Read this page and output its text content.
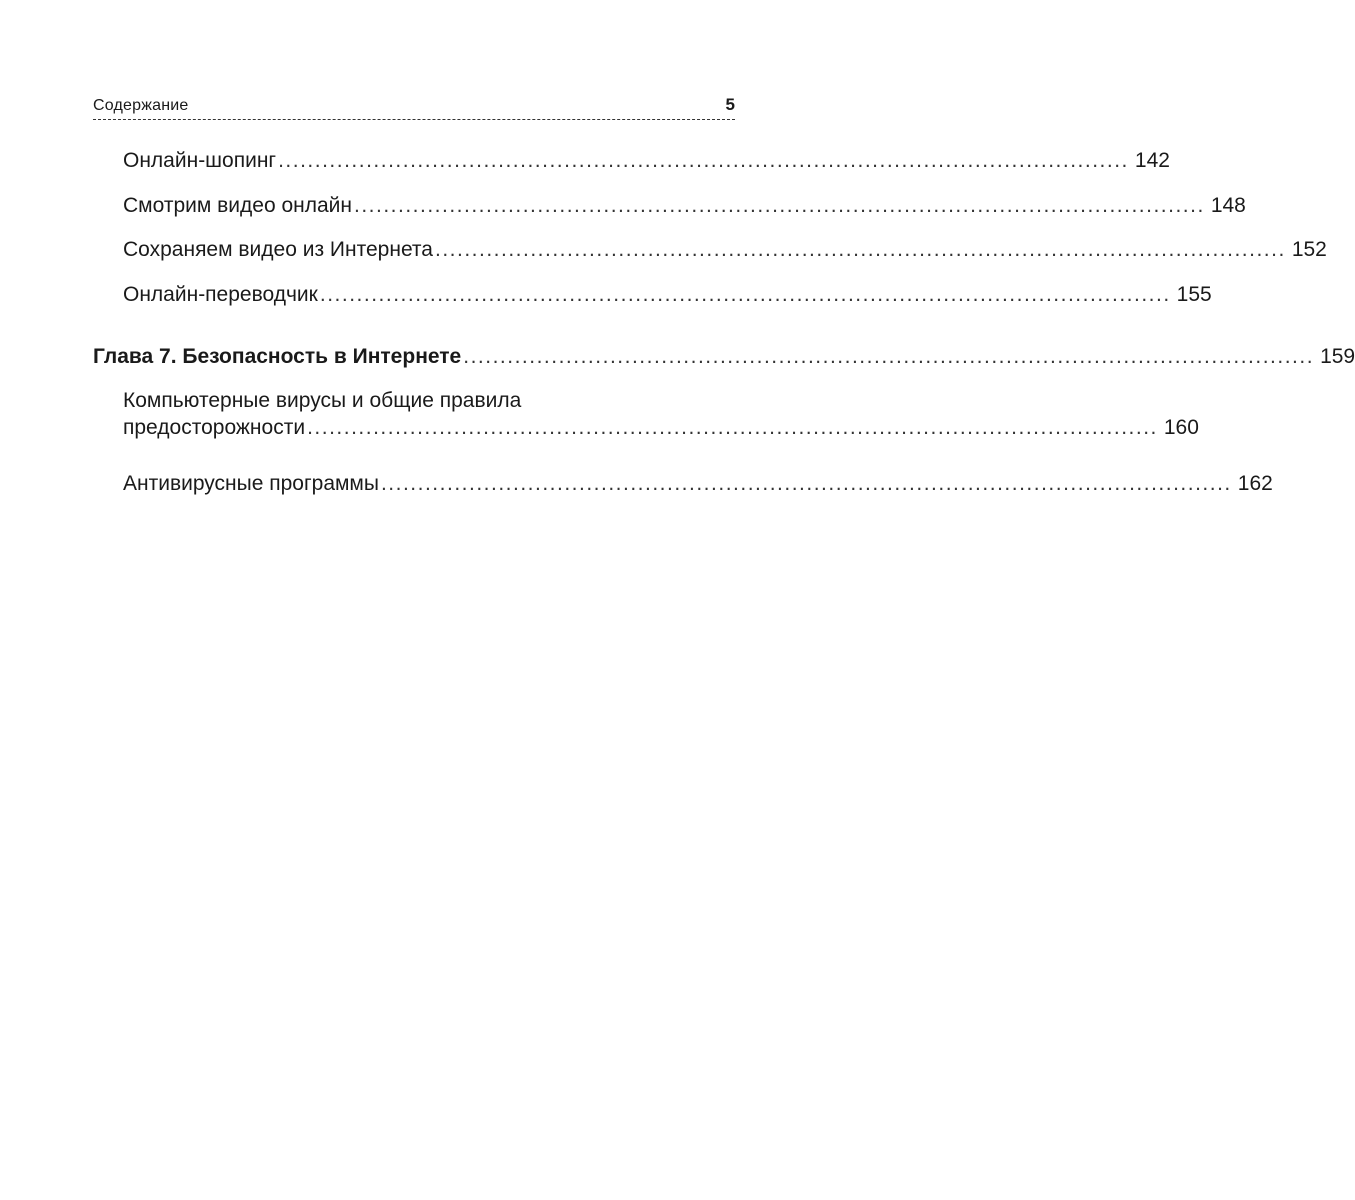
Содержание	5
Онлайн-шопинг .................................................................................................................... 142
Смотрим видео онлайн .................................................................................................................... 148
Сохраняем видео из Интернета .................................................................................................................... 152
Онлайн-переводчик .................................................................................................................... 155
Глава 7. Безопасность в Интернете .................................................................................................................... 159
Компьютерные вирусы и общие правила
предосторожности .................................................................................................................... 160
Антивирусные программы .................................................................................................................... 162
